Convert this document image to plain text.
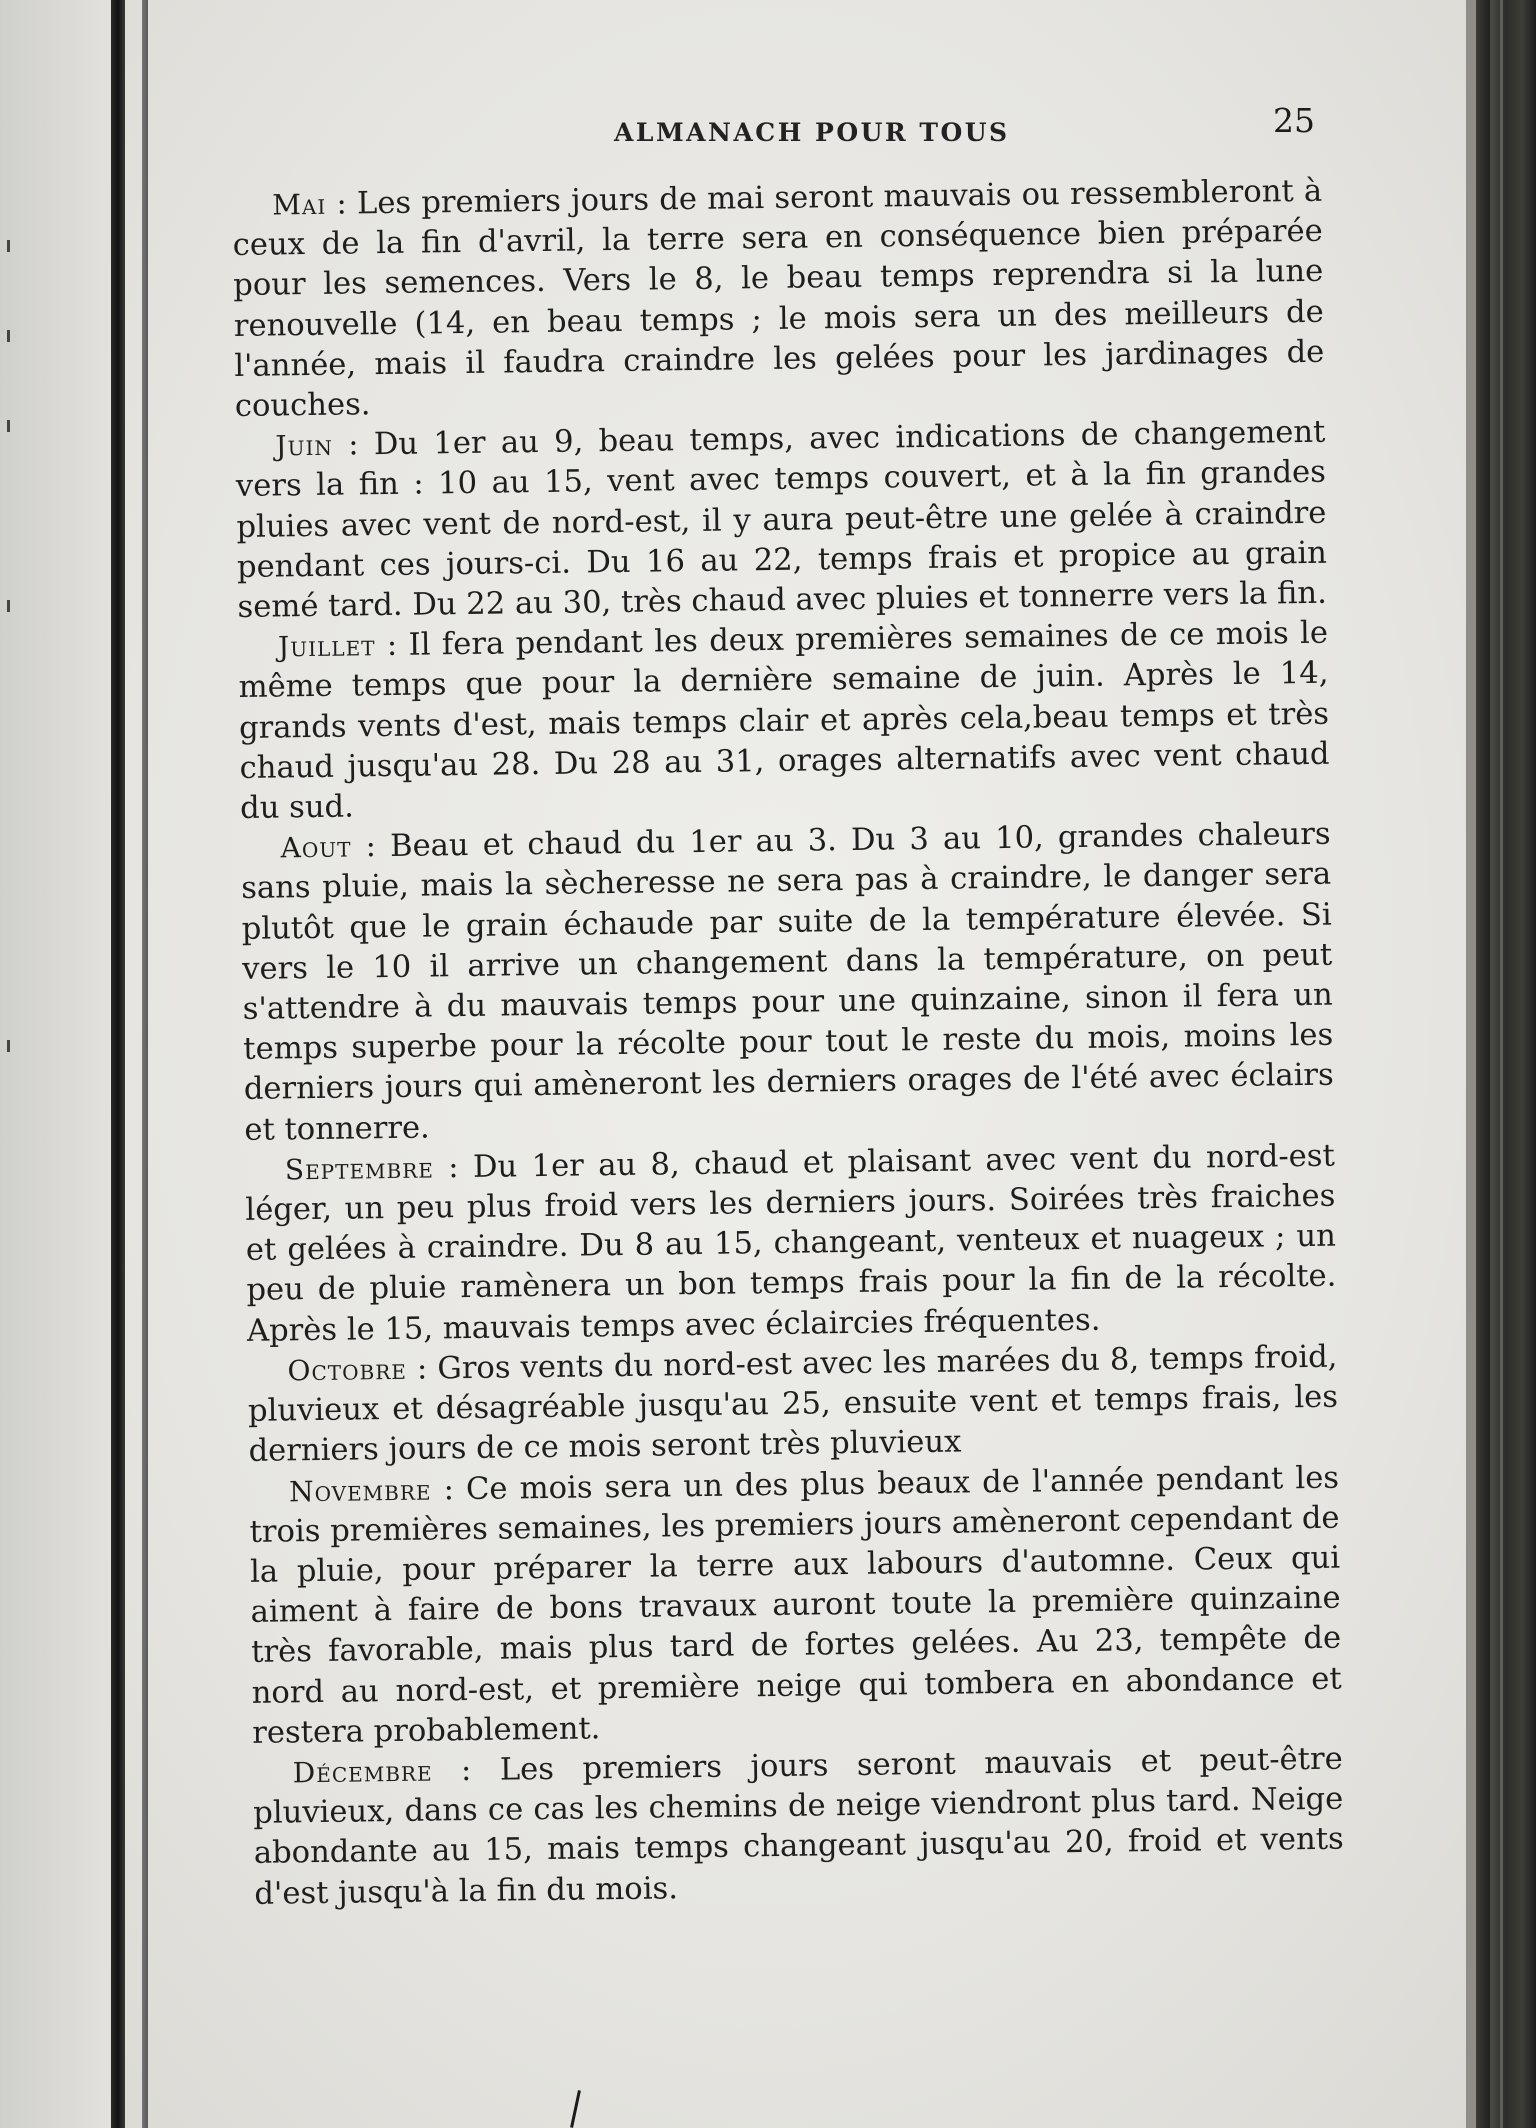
ALMANACH POUR TOUS	25

Mai : Les premiers jours de mai seront mauvais ou ressembleront à ceux de la fin d'avril, la terre sera en conséquence bien préparée pour les semences. Vers le 8, le beau temps reprendra si la lune renouvelle (14, en beau temps ; le mois sera un des meilleurs de l'année, mais il faudra craindre les gelées pour les jardinages de couches.

Juin : Du 1er au 9, beau temps, avec indications de changement vers la fin : 10 au 15, vent avec temps couvert, et à la fin grandes pluies avec vent de nord-est, il y aura peut-être une gelée à craindre pendant ces jours-ci. Du 16 au 22, temps frais et propice au grain semé tard. Du 22 au 30, très chaud avec pluies et tonnerre vers la fin.

Juillet : Il fera pendant les deux premières semaines de ce mois le même temps que pour la dernière semaine de juin. Après le 14, grands vents d'est, mais temps clair et après cela,beau temps et très chaud jusqu'au 28. Du 28 au 31, orages alternatifs avec vent chaud du sud.

Aout : Beau et chaud du 1er au 3. Du 3 au 10, grandes chaleurs sans pluie, mais la sècheresse ne sera pas à craindre, le danger sera plutôt que le grain échaude par suite de la température élevée. Si vers le 10 il arrive un changement dans la température, on peut s'attendre à du mauvais temps pour une quinzaine, sinon il fera un temps superbe pour la récolte pour tout le reste du mois, moins les derniers jours qui amèneront les derniers orages de l'été avec éclairs et tonnerre.

Septembre : Du 1er au 8, chaud et plaisant avec vent du nord-est léger, un peu plus froid vers les derniers jours. Soirées très fraiches et gelées à craindre. Du 8 au 15, changeant, venteux et nuageux ; un peu de pluie ramènera un bon temps frais pour la fin de la récolte. Après le 15, mauvais temps avec éclaircies fréquentes.

Octobre : Gros vents du nord-est avec les marées du 8, temps froid, pluvieux et désagréable jusqu'au 25, ensuite vent et temps frais, les derniers jours de ce mois seront très pluvieux

Novembre : Ce mois sera un des plus beaux de l'année pendant les trois premières semaines, les premiers jours amèneront cependant de la pluie, pour préparer la terre aux labours d'automne. Ceux qui aiment à faire de bons travaux auront toute la première quinzaine très favorable, mais plus tard de fortes gelées. Au 23, tempête de nord au nord-est, et première neige qui tombera en abondance et restera probablement.

Décembre : Les premiers jours seront mauvais et peut-être pluvieux, dans ce cas les chemins de neige viendront plus tard. Neige abondante au 15, mais temps changeant jusqu'au 20, froid et vents d'est jusqu'à la fin du mois.
